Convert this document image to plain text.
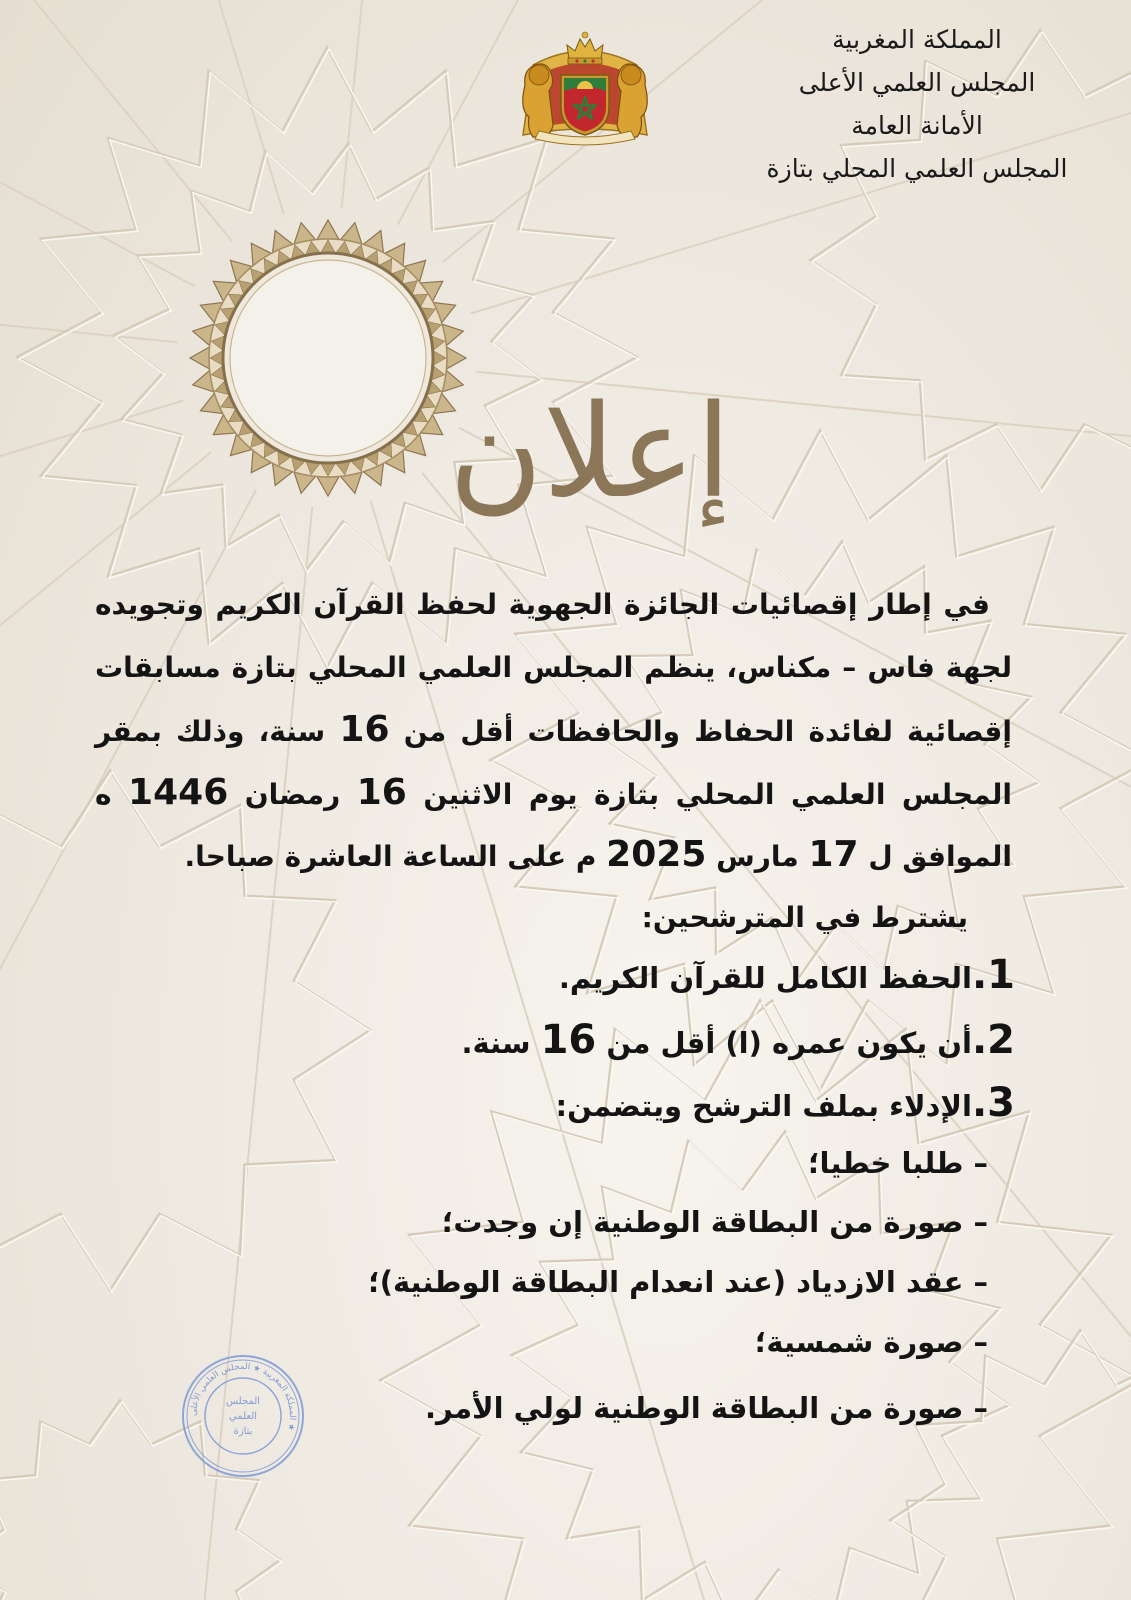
المملكة المغربية
المجلس العلمي الأعلى
الأمانة العامة
المجلس العلمي المحلي بتازة
إعلان
في إطار إقصائيات الجائزة الجهوية لحفظ القرآن الكريم وتجويده
لجهة فاس – مكناس، ينظم المجلس العلمي المحلي بتازة مسابقات
إقصائية لفائدة الحفاظ والحافظات أقل من 16 سنة، وذلك بمقر
المجلس العلمي المحلي بتازة يوم الاثنين 16 رمضان 1446 ه
الموافق ل 17 مارس 2025 م على الساعة العاشرة صباحا.
يشترط في المترشحين:
1.الحفظ الكامل للقرآن الكريم.
2.أن يكون عمره (ا) أقل من 16 سنة.
3.الإدلاء بملف الترشح ويتضمن:
– طلبا خطيا؛
– صورة من البطاقة الوطنية إن وجدت؛
– عقد الازدياد (عند انعدام البطاقة الوطنية)؛
– صورة شمسية؛
– صورة من البطاقة الوطنية لولي الأمر.
المملكة المغربية ★ المجلس العلمي الأعلى ★
المجلس
العلمي
بتازة
